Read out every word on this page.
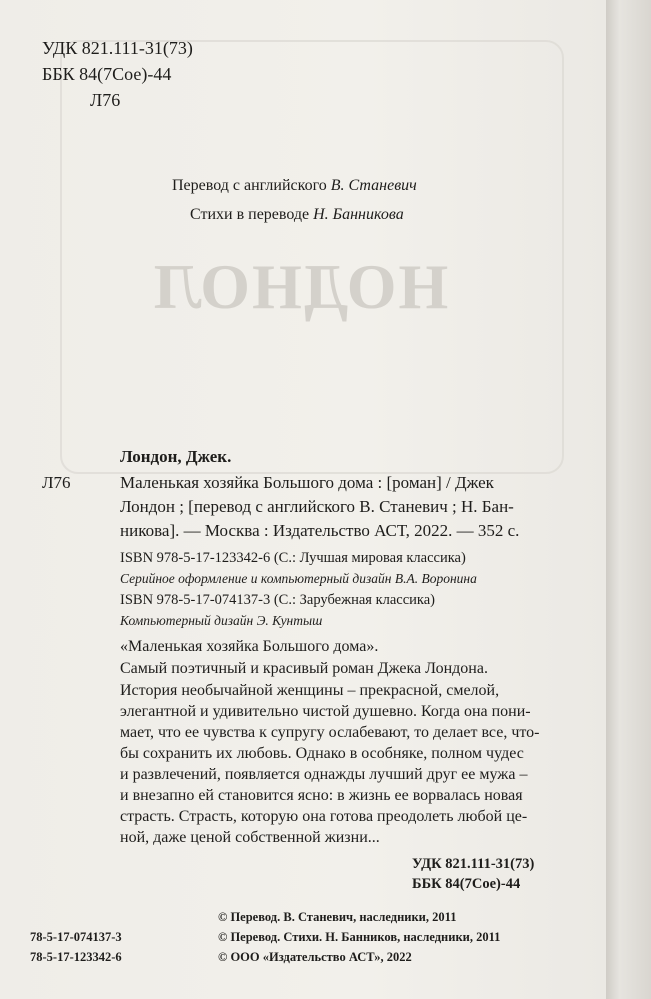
НОДНОЛ
УДК 821.111-31(73)
ББК 84(7Сое)-44
Л76
Перевод с английского В. Станевич
Стихи в переводе Н. Банникова
Лондон, Джек.
Л76	Маленькая хозяйка Большого дома : [роман] / Джек
Лондон ; [перевод с английского В. Станевич ; Н. Бан-
никова]. — Москва : Издательство АСТ, 2022. — 352 с.
ISBN 978-5-17-123342-6 (С.: Лучшая мировая классика)
Серийное оформление и компьютерный дизайн В.А. Воронина
ISBN 978-5-17-074137-3 (С.: Зарубежная классика)
Компьютерный дизайн Э. Кунтыш
«Маленькая хозяйка Большого дома».
Самый поэтичный и красивый роман Джека Лондона.
История необычайной женщины – прекрасной, смелой,
элегантной и удивительно чистой душевно. Когда она пони-
мает, что ее чувства к супругу ослабевают, то делает все, что-
бы сохранить их любовь. Однако в особняке, полном чудес
и развлечений, появляется однажды лучший друг ее мужа –
и внезапно ей становится ясно: в жизнь ее ворвалась новая
страсть. Страсть, которую она готова преодолеть любой це-
ной, даже ценой собственной жизни...
УДК 821.111-31(73)
ББК 84(7Сое)-44
78-5-17-074137-3
78-5-17-123342-6
© Перевод. В. Станевич, наследники, 2011
© Перевод. Стихи. Н. Банников, наследники, 2011
© ООО «Издательство АСТ», 2022
